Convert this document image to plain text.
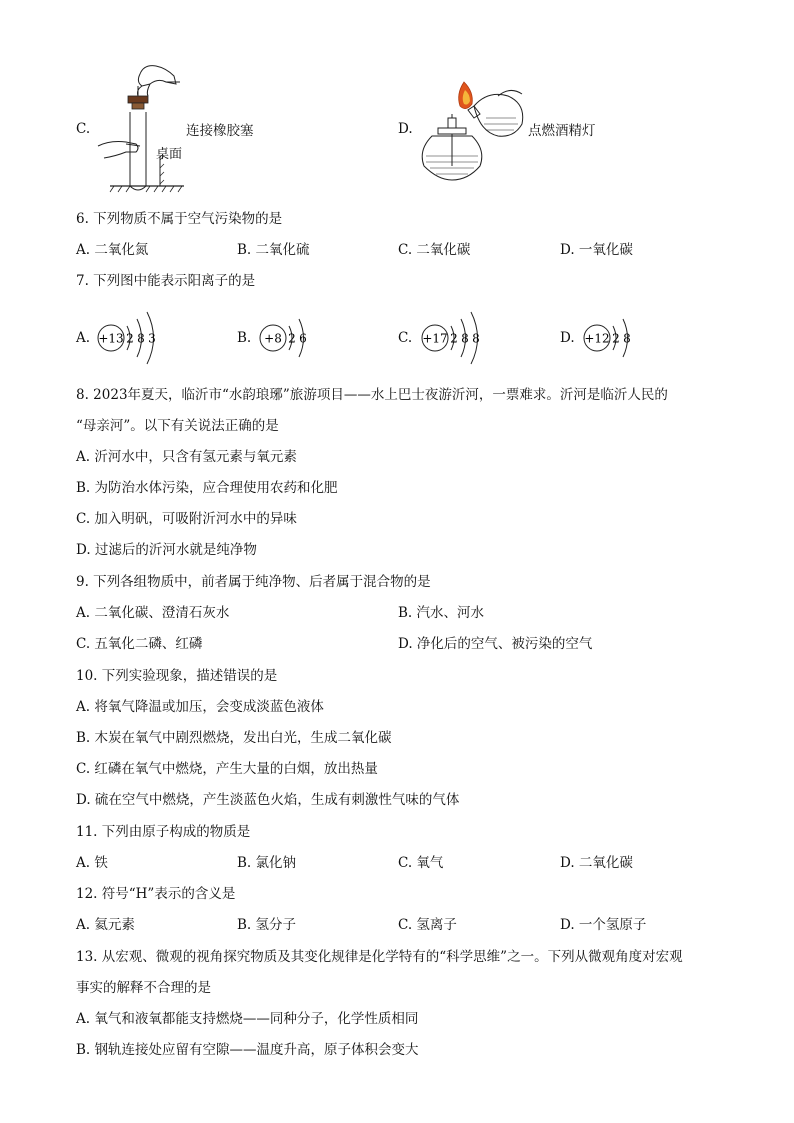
C.
桌面
连接橡胶塞	D.	点燃酒精灯
6. 下列物质不属于空气污染物的是
A. 二氧化氮	B. 二氧化硫	C. 二氧化碳	D. 一氧化碳
7. 下列图中能表示阳离子的是
A. +13 2 8 3	B. +8 2 6	C. +17 2 8 8	D. +12 2 8
8. 2023年夏天，临沂市“水韵琅琊”旅游项目——水上巴士夜游沂河，一票难求。沂河是临沂人民的
“母亲河”。以下有关说法正确的是
A. 沂河水中，只含有氢元素与氧元素
B. 为防治水体污染，应合理使用农药和化肥
C. 加入明矾，可吸附沂河水中的异味
D. 过滤后的沂河水就是纯净物
9. 下列各组物质中，前者属于纯净物、后者属于混合物的是
A. 二氧化碳、澄清石灰水	B. 汽水、河水
C. 五氧化二磷、红磷	D. 净化后的空气、被污染的空气
10. 下列实验现象，描述错误的是
A. 将氧气降温或加压，会变成淡蓝色液体
B. 木炭在氧气中剧烈燃烧，发出白光，生成二氧化碳
C. 红磷在氧气中燃烧，产生大量的白烟，放出热量
D. 硫在空气中燃烧，产生淡蓝色火焰，生成有刺激性气味的气体
11. 下列由原子构成的物质是
A. 铁	B. 氯化钠	C. 氧气	D. 二氧化碳
12. 符号“H”表示的含义是
A. 氦元素	B. 氢分子	C. 氢离子	D. 一个氢原子
13. 从宏观、微观的视角探究物质及其变化规律是化学特有的“科学思维”之一。下列从微观角度对宏观
事实的解释不合理的是
A. 氧气和液氧都能支持燃烧——同种分子，化学性质相同
B. 钢轨连接处应留有空隙——温度升高，原子体积会变大
